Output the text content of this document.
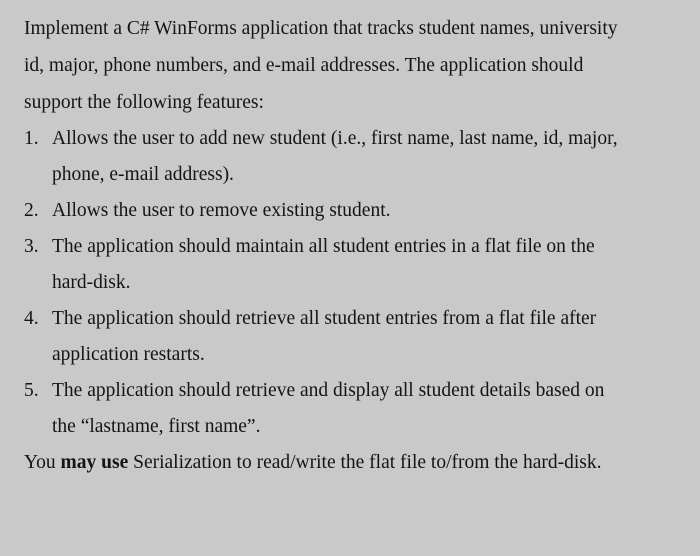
Implement a C# WinForms application that tracks student names, university
id, major, phone numbers, and e-mail addresses. The application should
support the following features:
1. Allows the user to add new student (i.e., first name, last name, id, major,
phone, e-mail address).
2. Allows the user to remove existing student.
3. The application should maintain all student entries in a flat file on the
hard-disk.
4. The application should retrieve all student entries from a flat file after
application restarts.
5. The application should retrieve and display all student details based on
the “lastname, first name”.
You may use Serialization to read/write the flat file to/from the hard-disk.
